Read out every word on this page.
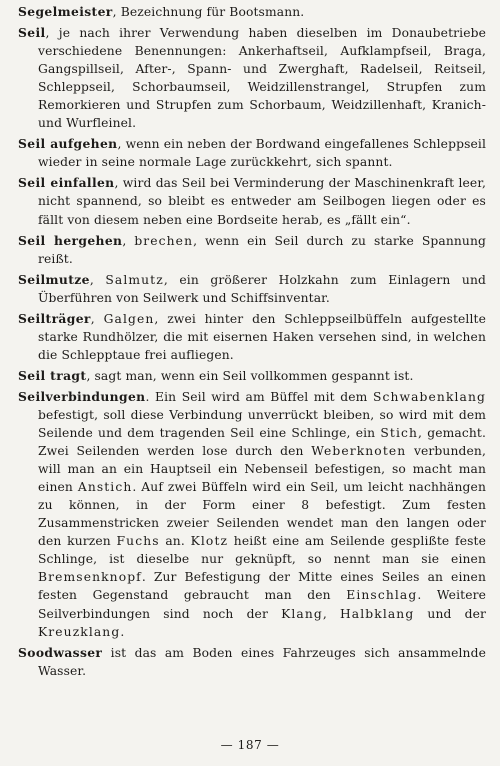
Segelmeister, Bezeichnung für Bootsmann.

Seil, je nach ihrer Verwendung haben dieselben im Donaubetriebe verschiedene Benennungen: Ankerhaftseil, Aufklampfseil, Braga, Gangspillseil, After-, Spann- und Zwerghaft, Radelseil, Reitseil, Schleppseil, Schorbaumseil, Weidzillenstrangel, Strupfen zum Remorkieren und Strupfen zum Schorbaum, Weidzillenhaft, Kranich- und Wurfleinel.

Seil aufgehen, wenn ein neben der Bordwand eingefallenes Schleppseil wieder in seine normale Lage zurückkehrt, sich spannt.

Seil einfallen, wird das Seil bei Verminderung der Maschinenkraft leer, nicht spannend, so bleibt es entweder am Seilbogen liegen oder es fällt von diesem neben eine Bordseite herab, es „fällt ein“.

Seil hergehen, brechen, wenn ein Seil durch zu starke Spannung reißt.

Seilmutze, Salmutz, ein größerer Holzkahn zum Einlagern und Überführen von Seilwerk und Schiffsinventar.

Seilträger, Galgen, zwei hinter den Schleppseilbüffeln aufgestellte starke Rundhölzer, die mit eisernen Haken versehen sind, in welchen die Schlepptaue frei aufliegen.

Seil tragt, sagt man, wenn ein Seil vollkommen gespannt ist.

Seilverbindungen. Ein Seil wird am Büffel mit dem Schwabenklang befestigt, soll diese Verbindung unverrückt bleiben, so wird mit dem Seilende und dem tragenden Seil eine Schlinge, ein Stich, gemacht. Zwei Seilenden werden lose durch den Weberknoten verbunden, will man an ein Hauptseil ein Nebenseil befestigen, so macht man einen Anstich. Auf zwei Büffeln wird ein Seil, um leicht nachhängen zu können, in der Form einer 8 befestigt. Zum festen Zusammenstricken zweier Seilenden wendet man den langen oder den kurzen Fuchs an. Klotz heißt eine am Seilende gesplißte feste Schlinge, ist dieselbe nur geknüpft, so nennt man sie einen Bremsenknopf. Zur Befestigung der Mitte eines Seiles an einen festen Gegenstand gebraucht man den Einschlag. Weitere Seilverbindungen sind noch der Klang, Halbklang und der Kreuzklang.

Soodwasser ist das am Boden eines Fahrzeuges sich ansammelnde Wasser.

— 187 —
